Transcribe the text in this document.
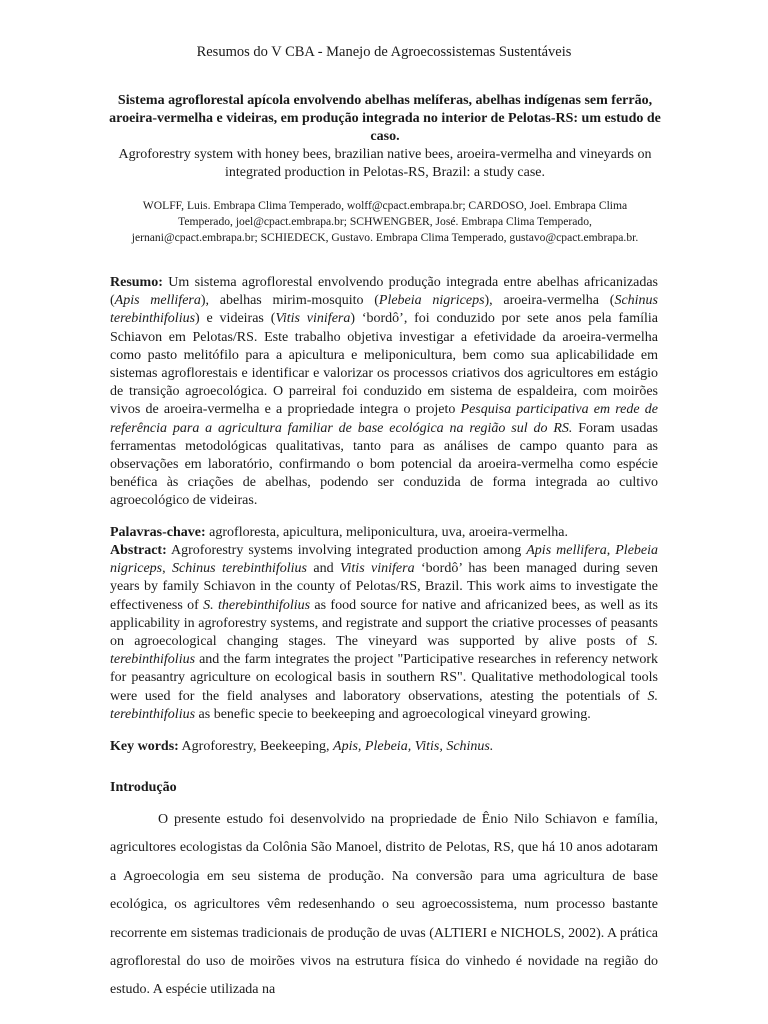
Resumos do V CBA - Manejo de Agroecossistemas Sustentáveis
Sistema agroflorestal apícola envolvendo abelhas melíferas, abelhas indígenas sem ferrão, aroeira-vermelha e videiras, em produção integrada no interior de Pelotas-RS: um estudo de caso.
Agroforestry system with honey bees, brazilian native bees, aroeira-vermelha and vineyards on integrated production in Pelotas-RS, Brazil: a study case.
WOLFF, Luis. Embrapa Clima Temperado, wolff@cpact.embrapa.br; CARDOSO, Joel. Embrapa Clima Temperado, joel@cpact.embrapa.br; SCHWENGBER, José. Embrapa Clima Temperado, jernani@cpact.embrapa.br; SCHIEDECK, Gustavo. Embrapa Clima Temperado, gustavo@cpact.embrapa.br.
Resumo: Um sistema agroflorestal envolvendo produção integrada entre abelhas africanizadas (Apis mellifera), abelhas mirim-mosquito (Plebeia nigriceps), aroeira-vermelha (Schinus terebinthifolius) e videiras (Vitis vinifera) ‘bordô’, foi conduzido por sete anos pela família Schiavon em Pelotas/RS. Este trabalho objetiva investigar a efetividade da aroeira-vermelha como pasto melitófilo para a apicultura e meliponicultura, bem como sua aplicabilidade em sistemas agroflorestais e identificar e valorizar os processos criativos dos agricultores em estágio de transição agroecológica. O parreiral foi conduzido em sistema de espaldeira, com moirões vivos de aroeira-vermelha e a propriedade integra o projeto Pesquisa participativa em rede de referência para a agricultura familiar de base ecológica na região sul do RS. Foram usadas ferramentas metodológicas qualitativas, tanto para as análises de campo quanto para as observações em laboratório, confirmando o bom potencial da aroeira-vermelha como espécie benéfica às criações de abelhas, podendo ser conduzida de forma integrada ao cultivo agroecológico de videiras.
Palavras-chave: agrofloresta, apicultura, meliponicultura, uva, aroeira-vermelha.
Abstract: Agroforestry systems involving integrated production among Apis mellifera, Plebeia nigriceps, Schinus terebinthifolius and Vitis vinifera ‘bordô’ has been managed during seven years by family Schiavon in the county of Pelotas/RS, Brazil. This work aims to investigate the effectiveness of S. therebinthifolius as food source for native and africanized bees, as well as its applicability in agroforestry systems, and registrate and support the criative processes of peasants on agroecological changing stages. The vineyard was supported by alive posts of S. terebinthifolius and the farm integrates the project "Participative researches in referency network for peasantry agriculture on ecological basis in southern RS". Qualitative methodological tools were used for the field analyses and laboratory observations, atesting the potentials of S. terebinthifolius as benefic specie to beekeeping and agroecological vineyard growing.
Key words: Agroforestry, Beekeeping, Apis, Plebeia, Vitis, Schinus.
Introdução
O presente estudo foi desenvolvido na propriedade de Ênio Nilo Schiavon e família, agricultores ecologistas da Colônia São Manoel, distrito de Pelotas, RS, que há 10 anos adotaram a Agroecologia em seu sistema de produção. Na conversão para uma agricultura de base ecológica, os agricultores vêm redesenhando o seu agroecossistema, num processo bastante recorrente em sistemas tradicionais de produção de uvas (ALTIERI e NICHOLS, 2002). A prática agroflorestal do uso de moirões vivos na estrutura física do vinhedo é novidade na região do estudo. A espécie utilizada na
